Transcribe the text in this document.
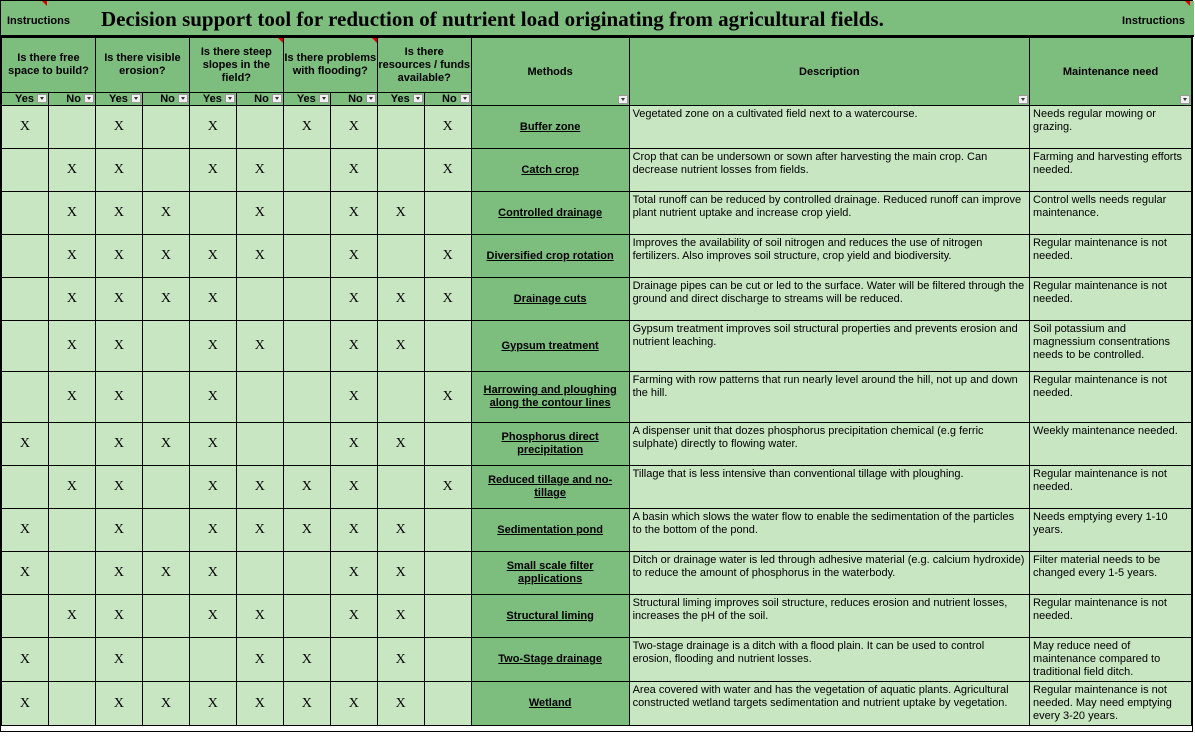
Instructions Decision support tool for reduction of nutrient load originating from agricultural fields.	Instructions
Is there free space to build?		Is there visible erosion?		Is there steep slopes in the field?		Is there problems with flooding?		Is there resources / funds available?		Methods	Description	Maintenance need

Yes	No	Yes	No	Yes	No	Yes	No	Yes	No			

X		X		X		X	X		X	Buffer zone	Vegetated zone on a cultivated field next to a watercourse.	Needs regular mowing or grazing.
	X	X		X	X		X		X	Catch crop	Crop that can be undersown or sown after harvesting the main crop. Can decrease nutrient losses from fields.	Farming and harvesting efforts needed.
	X	X	X		X		X	X		Controlled drainage	Total runoff can be reduced by controlled drainage. Reduced runoff can improve plant nutrient uptake and increase crop yield.	Control wells needs regular maintenance.
	X	X	X	X	X		X		X	Diversified crop rotation	Improves the availability of soil nitrogen and reduces the use of nitrogen fertilizers. Also improves soil structure, crop yield and biodiversity.	Regular maintenance is not needed.
	X	X	X	X			X	X	X	Drainage cuts	Drainage pipes can be cut or led to the surface. Water will be filtered through the ground and direct discharge to streams will be reduced.	Regular maintenance is not needed.
	X	X		X	X		X	X		Gypsum treatment	Gypsum treatment improves soil structural properties and prevents erosion and nutrient leaching.	Soil potassium and magnessium consentrations needs to be controlled.
	X	X		X			X		X	Harrowing and ploughing along the contour lines	Farming with row patterns that run nearly level around the hill, not up and down the hill.	Regular maintenance is not needed.
X		X	X	X			X	X		Phosphorus direct precipitation	A dispenser unit that dozes phosphorus precipitation chemical (e.g ferric sulphate) directly to flowing water.	Weekly maintenance needed.
	X	X		X	X	X	X		X	Reduced tillage and no-tillage	Tillage that is less intensive than conventional tillage with ploughing.	Regular maintenance is not needed.
X		X		X	X	X	X	X		Sedimentation pond	A basin which slows the water flow to enable the sedimentation of the particles to the bottom of the pond.	Needs emptying every 1-10 years.
X		X	X	X			X	X		Small scale filter applications	Ditch or drainage water is led through adhesive material (e.g. calcium hydroxide) to reduce the amount of phosphorus in the waterbody.	Filter material needs to be changed every 1-5 years.
	X	X		X	X		X	X		Structural liming	Structural liming improves soil structure, reduces erosion and nutrient losses, increases the pH of the soil.	Regular maintenance is not needed.
X		X			X	X		X		Two-Stage drainage	Two-stage drainage is a ditch with a flood plain. It can be used to control erosion, flooding and nutrient losses.	May reduce need of maintenance compared to traditional field ditch.
X		X	X	X	X	X	X	X		Wetland	Area covered with water and has the vegetation of aquatic plants. Agricultural constructed wetland targets sedimentation and nutrient uptake by vegetation.	Regular maintenance is not needed. May need emptying every 3-20 years.
